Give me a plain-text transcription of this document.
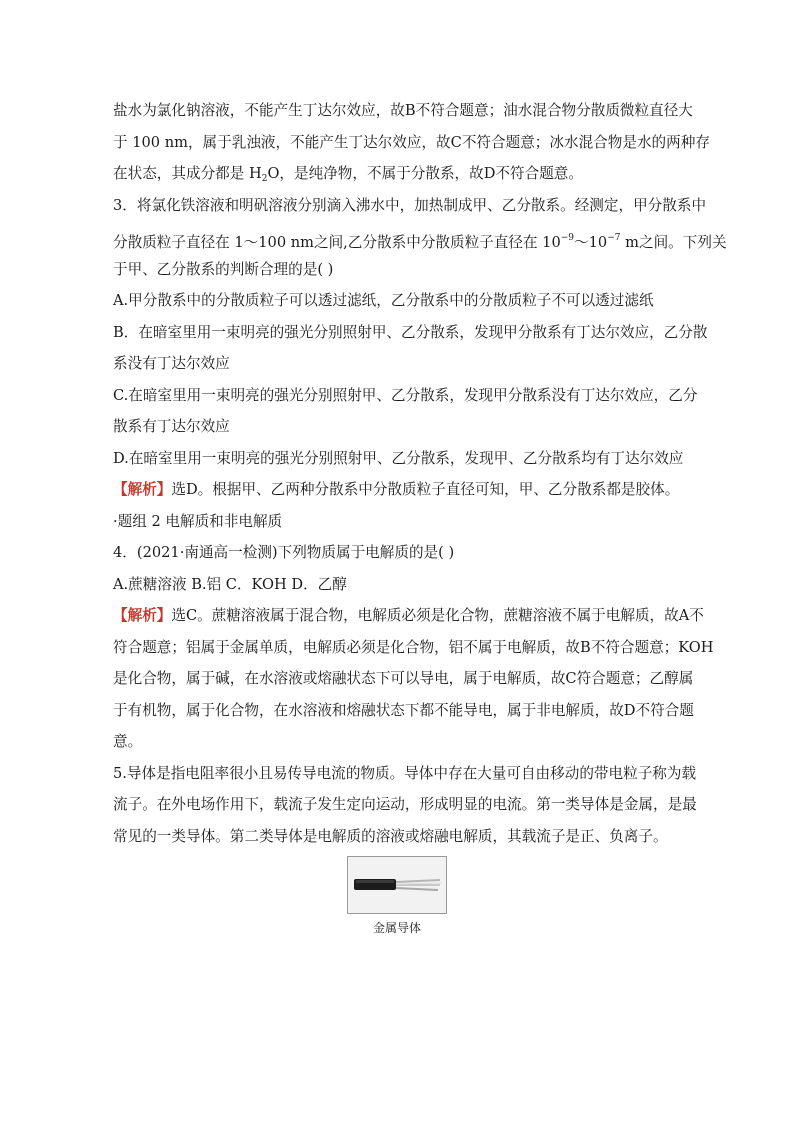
盐水为氯化钠溶液，不能产生丁达尔效应，故B不符合题意；油水混合物分散质微粒直径大
于 100 nm，属于乳浊液，不能产生丁达尔效应，故C不符合题意；冰水混合物是水的两种存
在状态，其成分都是 $H_2O$，是纯净物，不属于分散系，故D不符合题意。
3．将氯化铁溶液和明矾溶液分别滴入沸水中，加热制成甲、乙分散系。经测定，甲分散系中
分散质粒子直径在 1～100 nm之间,乙分散系中分散质粒子直径在 $10^{-9}\sim 10^{-7}$ m之间。下列关
于甲、乙分散系的判断合理的是( )
A.甲分散系中的分散质粒子可以透过滤纸，乙分散系中的分散质粒子不可以透过滤纸
B．在暗室里用一束明亮的强光分别照射甲、乙分散系，发现甲分散系有丁达尔效应，乙分散
系没有丁达尔效应
C.在暗室里用一束明亮的强光分别照射甲、乙分散系，发现甲分散系没有丁达尔效应，乙分
散系有丁达尔效应
D.在暗室里用一束明亮的强光分别照射甲、乙分散系，发现甲、乙分散系均有丁达尔效应
【解析】选D。根据甲、乙两种分散系中分散质粒子直径可知，甲、乙分散系都是胶体。
·题组 2 电解质和非电解质
4．(2021·南通高一检测)下列物质属于电解质的是( )
A.蔗糖溶液 B.铝 C．KOH D．乙醇
【解析】选C。蔗糖溶液属于混合物，电解质必须是化合物，蔗糖溶液不属于电解质，故A不
符合题意；铝属于金属单质，电解质必须是化合物，铝不属于电解质，故B不符合题意；KOH
是化合物，属于碱，在水溶液或熔融状态下可以导电，属于电解质，故C符合题意；乙醇属
于有机物，属于化合物，在水溶液和熔融状态下都不能导电，属于非电解质，故D不符合题
意。
5.导体是指电阻率很小且易传导电流的物质。导体中存在大量可自由移动的带电粒子称为载
流子。在外电场作用下，载流子发生定向运动，形成明显的电流。第一类导体是金属，是最
常见的一类导体。第二类导体是电解质的溶液或熔融电解质，其载流子是正、负离子。
金属导体
